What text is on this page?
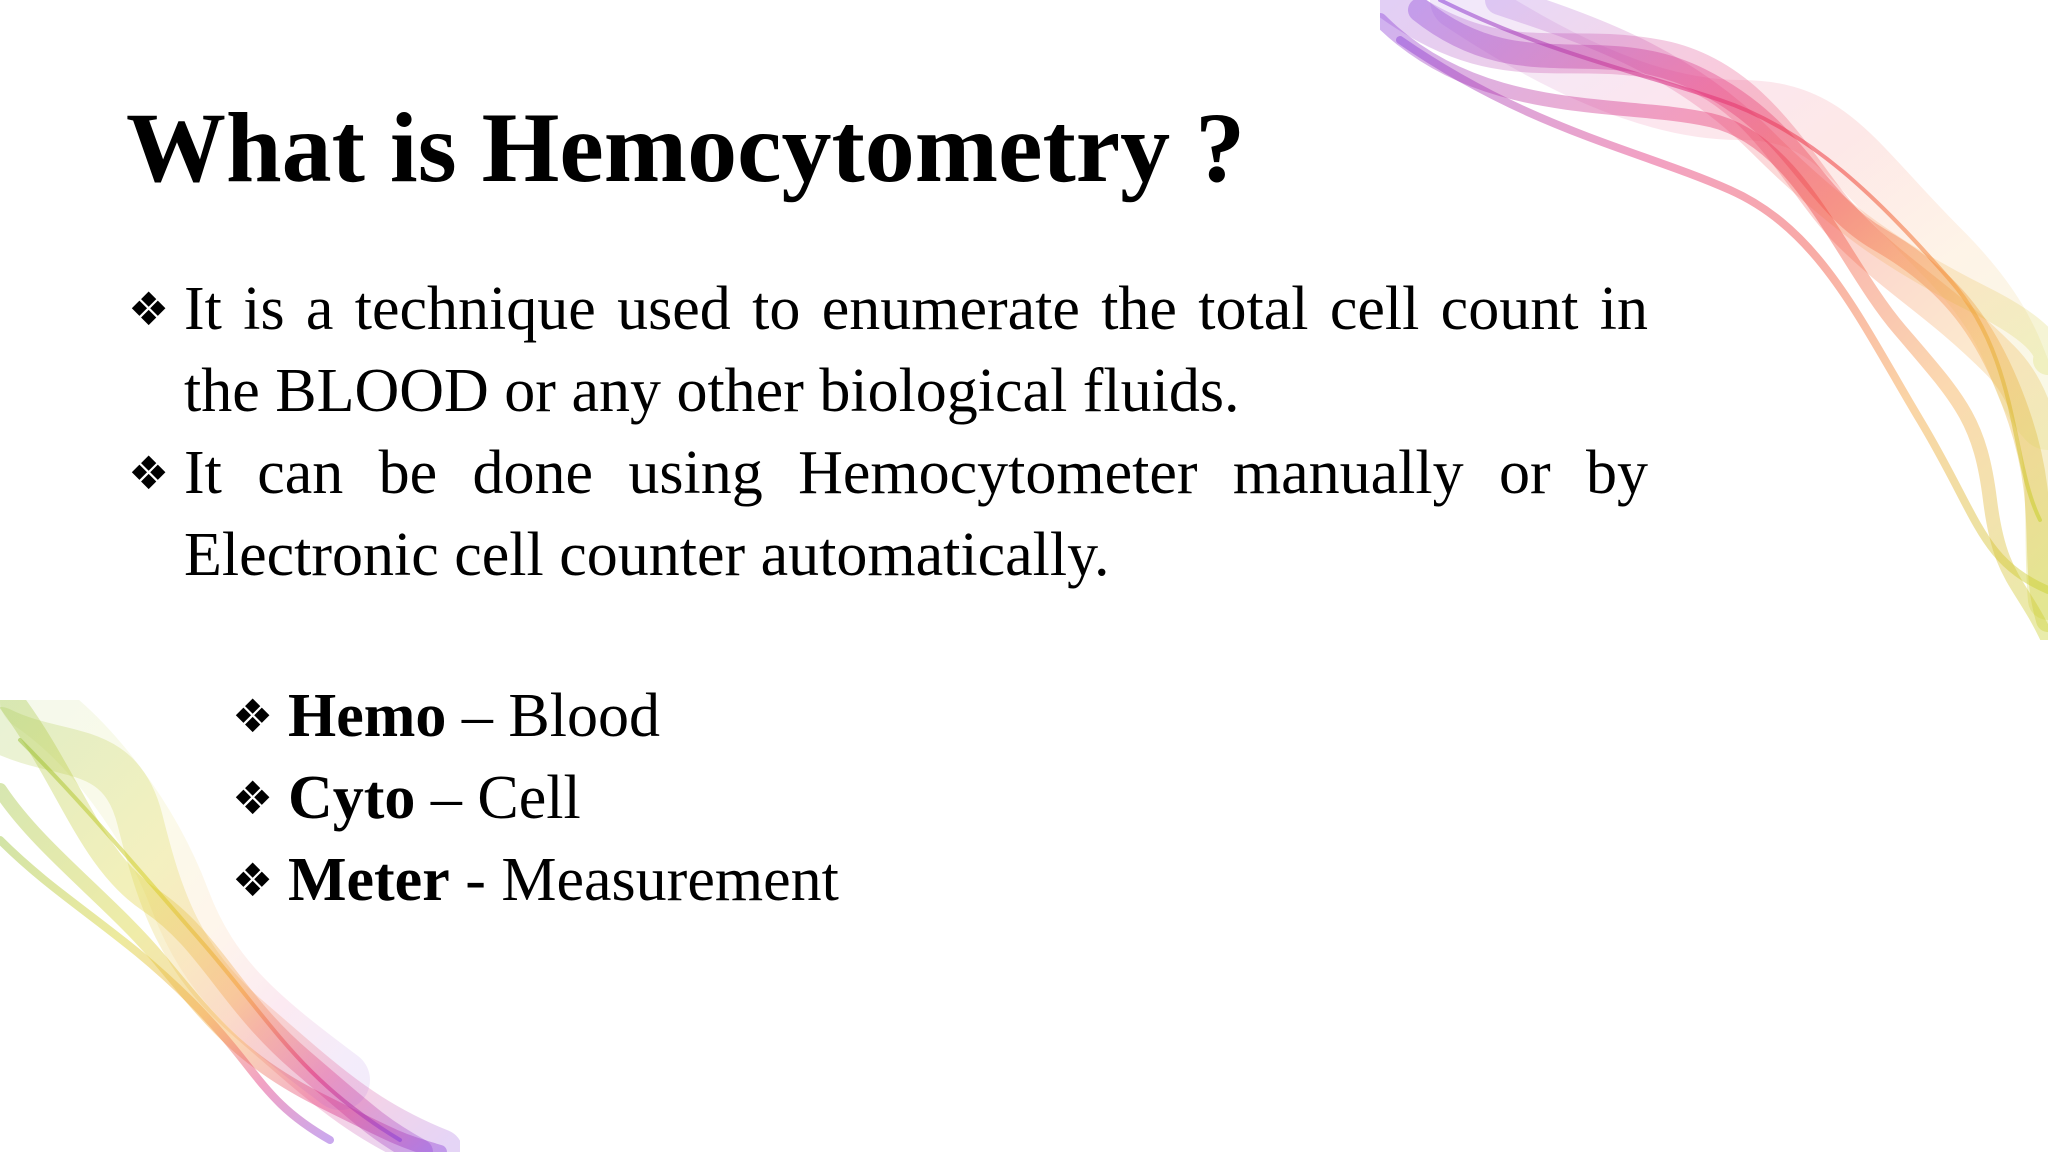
What is Hemocytometry ?
❖ It is a technique used to enumerate the total cell count in the BLOOD or any other biological fluids.
❖ It can be done using Hemocytometer manually or by Electronic cell counter automatically.
❖ Hemo – Blood
❖ Cyto – Cell
❖ Meter - Measurement
